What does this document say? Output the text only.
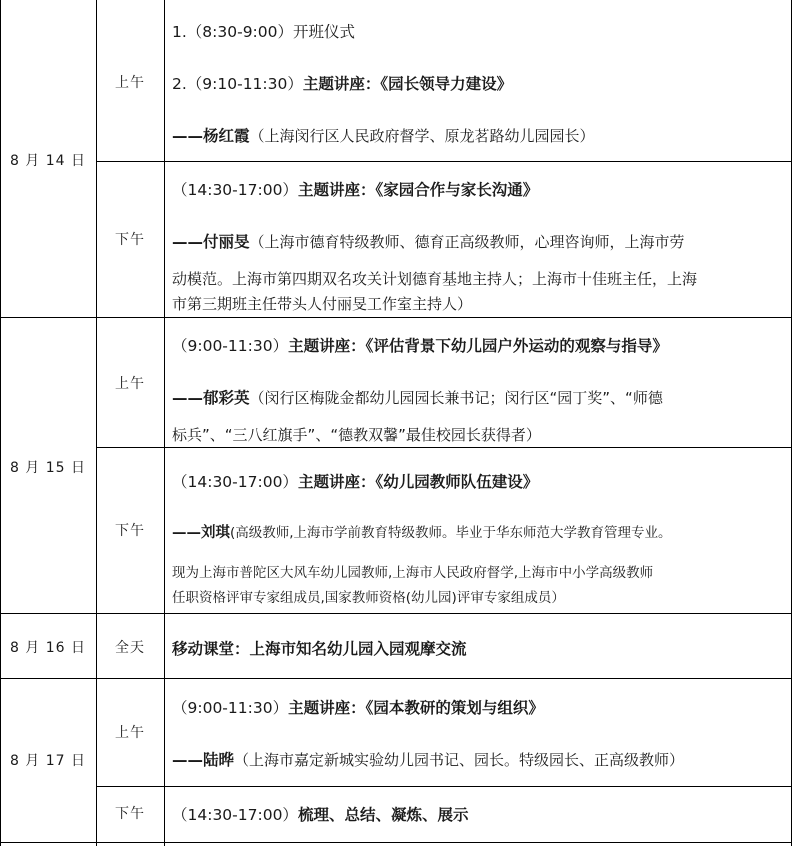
8 月 14 日
8 月 15 日
8 月 16 日
8 月 17 日
上午
下午
上午
下午
全天
上午
下午
1.（8:30-9:00）开班仪式
2.（9:10-11:30）主题讲座：《园长领导力建设》
——杨红霞（上海闵行区人民政府督学、原龙茗路幼儿园园长）
（14:30-17:00）主题讲座：《家园合作与家长沟通》
——付丽旻（上海市德育特级教师、德育正高级教师，心理咨询师，上海市劳
动模范。上海市第四期双名攻关计划德育基地主持人；上海市十佳班主任，上海
市第三期班主任带头人付丽旻工作室主持人）
（9:00-11:30）主题讲座：《评估背景下幼儿园户外运动的观察与指导》
——郁彩英（闵行区梅陇金都幼儿园园长兼书记；闵行区“园丁奖”、“师德
标兵”、“三八红旗手”、“德教双馨”最佳校园长获得者）
（14:30-17:00）主题讲座：《幼儿园教师队伍建设》
——刘琪(高级教师,上海市学前教育特级教师。毕业于华东师范大学教育管理专业。
现为上海市普陀区大风车幼儿园教师,上海市人民政府督学,上海市中小学高级教师
任职资格评审专家组成员,国家教师资格(幼儿园)评审专家组成员）
移动课堂：上海市知名幼儿园入园观摩交流
（9:00-11:30）主题讲座：《园本教研的策划与组织》
——陆晔（上海市嘉定新城实验幼儿园书记、园长。特级园长、正高级教师）
（14:30-17:00）梳理、总结、凝炼、展示
